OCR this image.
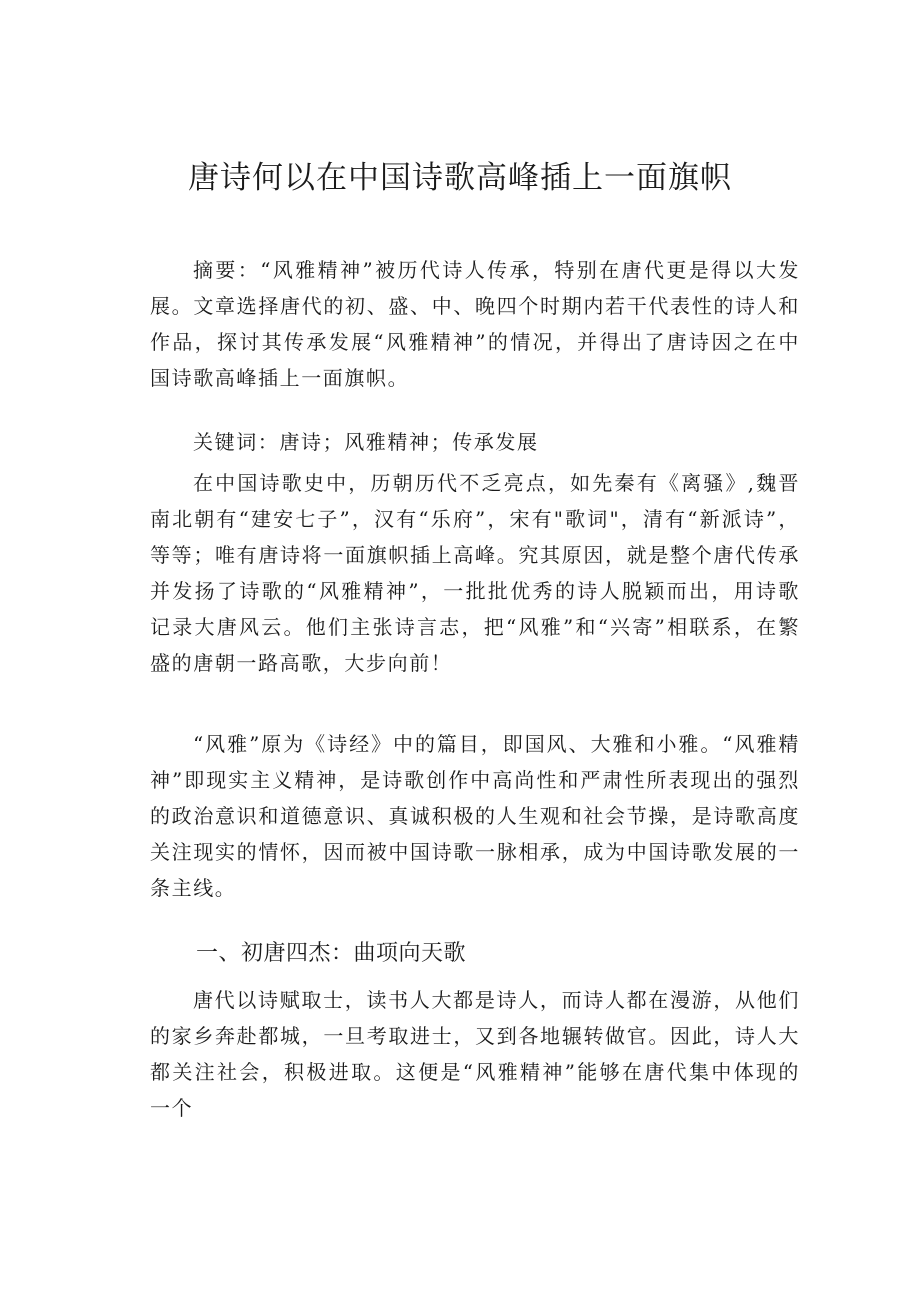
唐诗何以在中国诗歌高峰插上一面旗帜

摘要：“风雅精神”被历代诗人传承，特别在唐代更是得以大发展。文章选择唐代的初、盛、中、晚四个时期内若干代表性的诗人和作品，探讨其传承发展“风雅精神”的情况，并得出了唐诗因之在中国诗歌高峰插上一面旗帜。

关键词：唐诗；风雅精神；传承发展

在中国诗歌史中，历朝历代不乏亮点，如先秦有《离骚》,魏晋南北朝有“建安七子”，汉有“乐府”，宋有"歌词"，清有“新派诗”，等等；唯有唐诗将一面旗帜插上高峰。究其原因，就是整个唐代传承并发扬了诗歌的“风雅精神”，一批批优秀的诗人脱颖而出，用诗歌记录大唐风云。他们主张诗言志，把“风雅”和“兴寄”相联系，在繁盛的唐朝一路高歌，大步向前！

“风雅”原为《诗经》中的篇目，即国风、大雅和小雅。“风雅精神”即现实主义精神，是诗歌创作中高尚性和严肃性所表现出的强烈的政治意识和道德意识、真诚积极的人生观和社会节操，是诗歌高度关注现实的情怀，因而被中国诗歌一脉相承，成为中国诗歌发展的一条主线。

一、初唐四杰：曲项向天歌

唐代以诗赋取士，读书人大都是诗人，而诗人都在漫游，从他们的家乡奔赴都城，一旦考取进士，又到各地辗转做官。因此，诗人大都关注社会，积极进取。这便是“风雅精神”能够在唐代集中体现的一个
